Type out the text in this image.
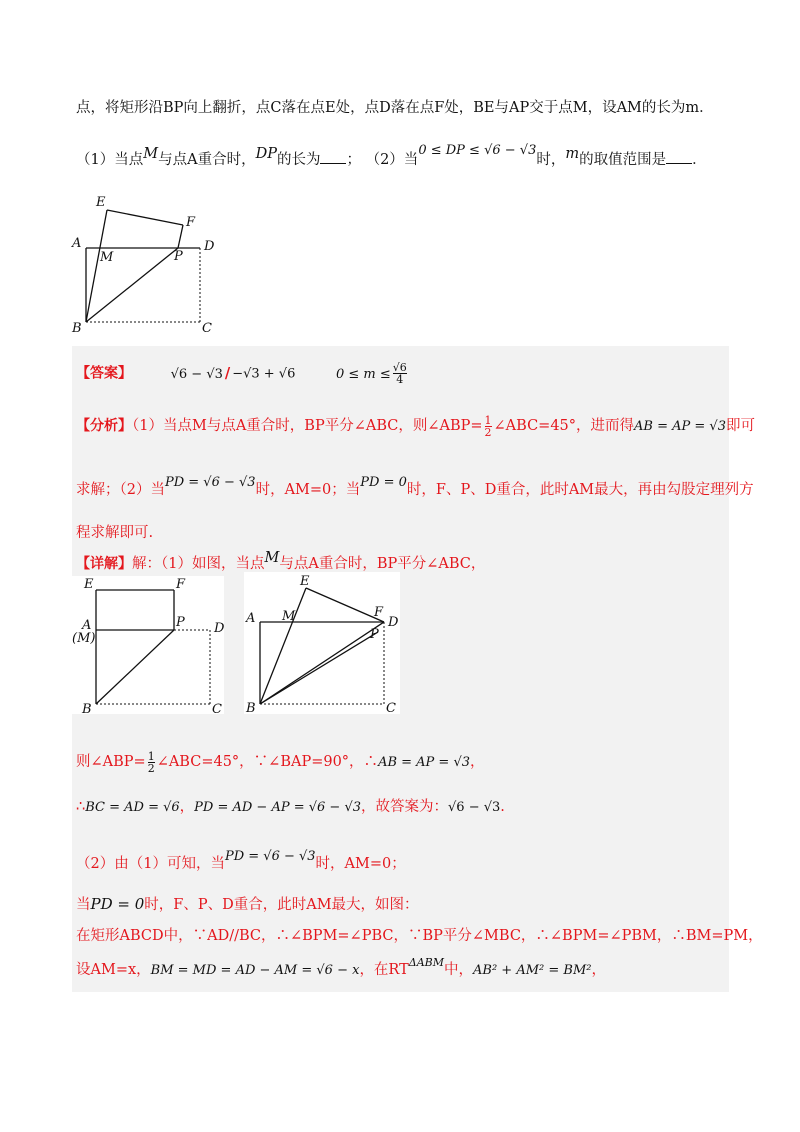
点，将矩形沿BP向上翻折，点C落在点E处，点D落在点F处，BE与AP交于点M，设AM的长为m．
（1）当点M与点A重合时，DP的长为 ； （2）当0 ≤ DP ≤ √6 − √3时，m的取值范围是 ．
E
F
A
M	P
D
B	C
【答案】	√6 − √3 / −√3 + √6	$0 \le m \le \frac{√6}{4}$
【分析】（1）当点M与点A重合时，BP平分∠ABC，则∠ABP= $\frac{1}{2}$ ∠ABC=45°，进而得AB = AP = √3即可
求解；（2）当PD = √6 − √3时，AM=0；当PD = 0时，F、P、D重合，此时AM最大，再由勾股定理列方
程求解即可.
【详解】解：（1）如图，当点M与点A重合时，BP平分∠ABC，
E	F
A
(M)
P D
B	C
E
A M	F
D
P
B	C
则∠ABP= $\frac{1}{2}$ ∠ABC=45°，∵∠BAP=90°，∴AB = AP = √3，
∴BC = AD = √6，PD = AD − AP = √6 − √3，故答案为：√6 − √3.
（2）由（1）可知，当PD = √6 − √3时，AM=0；
当PD = 0时，F、P、D重合，此时AM最大，如图：
在矩形ABCD中，∵AD//BC，∴∠BPM=∠PBC，∵BP平分∠MBC，∴∠BPM=∠PBM，∴BM=PM，
设AM=x，BM = MD = AD − AM = √6 − x，在$RT^{\Delta ABM}$中，AB² + AM² = BM²，
